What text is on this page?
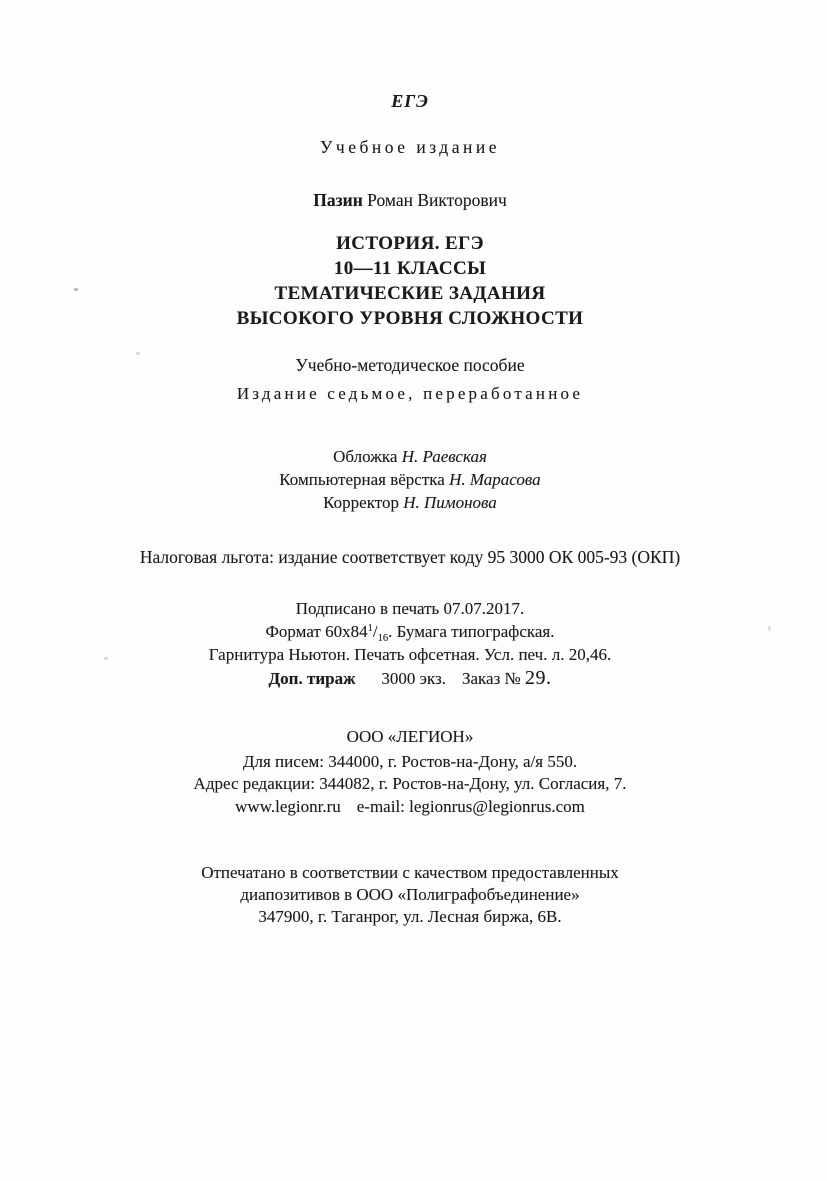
ЕГЭ
Учебное издание
Пазин Роман Викторович
ИСТОРИЯ. ЕГЭ
10—11 КЛАССЫ
ТЕМАТИЧЕСКИЕ ЗАДАНИЯ
ВЫСОКОГО УРОВНЯ СЛОЖНОСТИ
Учебно-методическое пособие
Издание седьмое, переработанное
Обложка Н. Раевская
Компьютерная вёрстка Н. Марасова
Корректор Н. Пимонова
Налоговая льгота: издание соответствует коду 95 3000 ОК 005-93 (ОКП)
Подписано в печать 07.07.2017.
Формат $60х84^1/_{16}$. Бумага типографская.
Гарнитура Ньютон. Печать офсетная. Усл. печ. л. 20,46.
Доп. тираж 3000 экз. Заказ № 29.
ООО «ЛЕГИОН»
Для писем: 344000, г. Ростов-на-Дону, а/я 550.
Адрес редакции: 344082, г. Ростов-на-Дону, ул. Согласия, 7.
www.legionr.ru e-mail: legionrus@legionrus.com
Отпечатано в соответствии с качеством предоставленных
диапозитивов в ООО «Полиграфобъединение»
347900, г. Таганрог, ул. Лесная биржа, 6В.
